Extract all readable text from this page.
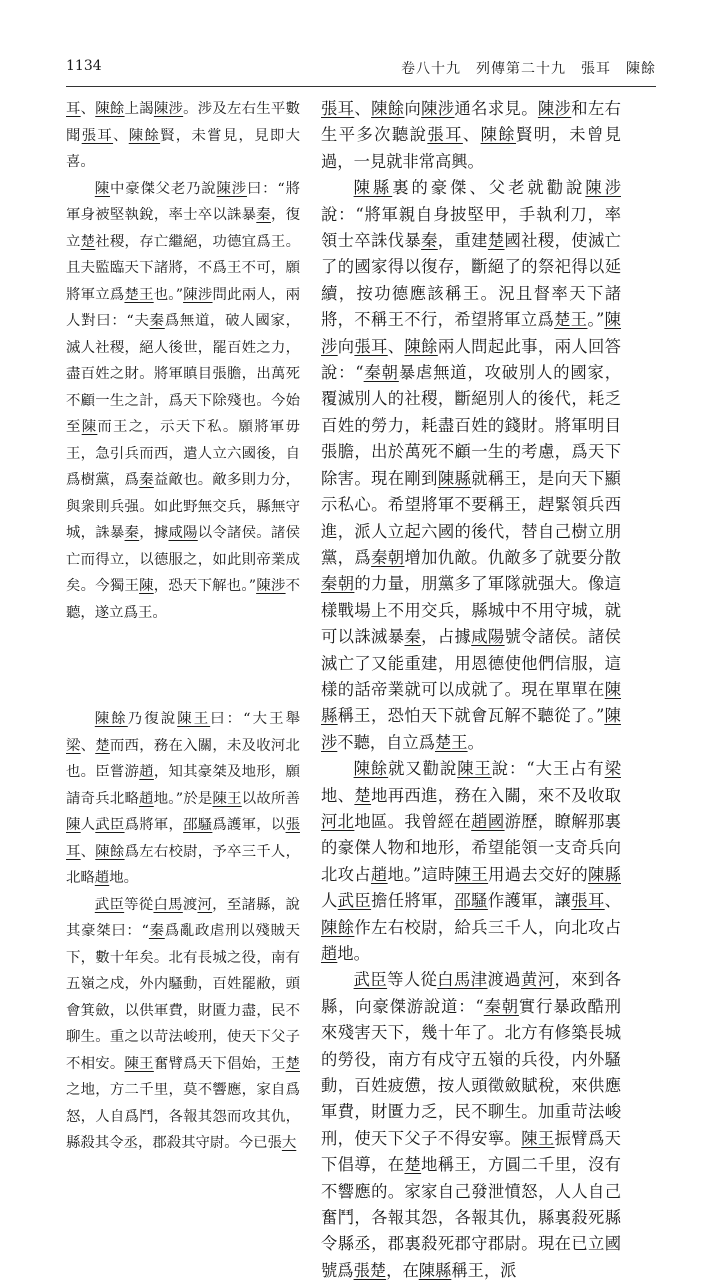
1134	卷八十九　列傳第二十九　張耳　陳餘

耳、陳餘上謁陳涉。涉及左右生平數聞張耳、陳餘賢，未嘗見，見即大喜。

陳中豪傑父老乃說陳涉曰：“將軍身被堅執銳，率士卒以誅暴秦，復立楚社稷，存亡繼絕，功德宜爲王。且夫監臨天下諸將，不爲王不可，願將軍立爲楚王也。”陳涉問此兩人，兩人對曰：“夫秦爲無道，破人國家，滅人社稷，絕人後世，罷百姓之力，盡百姓之財。將軍瞋目張膽，出萬死不顧一生之計，爲天下除殘也。今始至陳而王之，示天下私。願將軍毋王，急引兵而西，遣人立六國後，自爲樹黨，爲秦益敵也。敵多則力分，與衆則兵强。如此野無交兵，縣無守城，誅暴秦，據咸陽以令諸侯。諸侯亡而得立，以德服之，如此則帝業成矣。今獨王陳，恐天下解也。”陳涉不聽，遂立爲王。

陳餘乃復說陳王曰：“大王舉梁、楚而西，務在入關，未及收河北也。臣嘗游趙，知其豪桀及地形，願請奇兵北略趙地。”於是陳王以故所善陳人武臣爲將軍，邵騷爲護軍，以張耳、陳餘爲左右校尉，予卒三千人，北略趙地。

武臣等從白馬渡河，至諸縣，說其豪桀曰：“秦爲亂政虐刑以殘賊天下，數十年矣。北有長城之役，南有五嶺之戍，外内騷動，百姓罷敝，頭會箕斂，以供軍費，財匱力盡，民不聊生。重之以苛法峻刑，使天下父子不相安。陳王奮臂爲天下倡始，王楚之地，方二千里，莫不響應，家自爲怒，人自爲鬥，各報其怨而攻其仇，縣殺其令丞，郡殺其守尉。今已張大

張耳、陳餘向陳涉通名求見。陳涉和左右生平多次聽說張耳、陳餘賢明，未曾見過，一見就非常高興。

陳縣裏的豪傑、父老就勸說陳涉說：“將軍親自身披堅甲，手執利刀，率領士卒誅伐暴秦，重建楚國社稷，使滅亡了的國家得以復存，斷絕了的祭祀得以延續，按功德應該稱王。況且督率天下諸將，不稱王不行，希望將軍立爲楚王。”陳涉向張耳、陳餘兩人問起此事，兩人回答說：“秦朝暴虐無道，攻破別人的國家，覆滅別人的社稷，斷絕別人的後代，耗乏百姓的勞力，耗盡百姓的錢財。將軍明目張膽，出於萬死不顧一生的考慮，爲天下除害。現在剛到陳縣就稱王，是向天下顯示私心。希望將軍不要稱王，趕緊領兵西進，派人立起六國的後代，替自己樹立朋黨，爲秦朝增加仇敵。仇敵多了就要分散秦朝的力量，朋黨多了軍隊就强大。像這樣戰場上不用交兵，縣城中不用守城，就可以誅滅暴秦，占據咸陽號令諸侯。諸侯滅亡了又能重建，用恩德使他們信服，這樣的話帝業就可以成就了。現在單單在陳縣稱王，恐怕天下就會瓦解不聽從了。”陳涉不聽，自立爲楚王。

陳餘就又勸說陳王說：“大王占有梁地、楚地再西進，務在入關，來不及收取河北地區。我曾經在趙國游歷，瞭解那裏的豪傑人物和地形，希望能領一支奇兵向北攻占趙地。”這時陳王用過去交好的陳縣人武臣擔任將軍，邵騷作護軍，讓張耳、陳餘作左右校尉，給兵三千人，向北攻占趙地。

武臣等人從白馬津渡過黄河，來到各縣，向豪傑游說道：“秦朝實行暴政酷刑來殘害天下，幾十年了。北方有修築長城的勞役，南方有戍守五嶺的兵役，内外騷動，百姓疲憊，按人頭徵斂賦稅，來供應軍費，財匱力乏，民不聊生。加重苛法峻刑，使天下父子不得安寧。陳王振臂爲天下倡導，在楚地稱王，方圓二千里，沒有不響應的。家家自己發泄憤怒，人人自己奮鬥，各報其怨，各報其仇，縣裏殺死縣令縣丞，郡裏殺死郡守郡尉。現在已立國號爲張楚，在陳縣稱王，派
